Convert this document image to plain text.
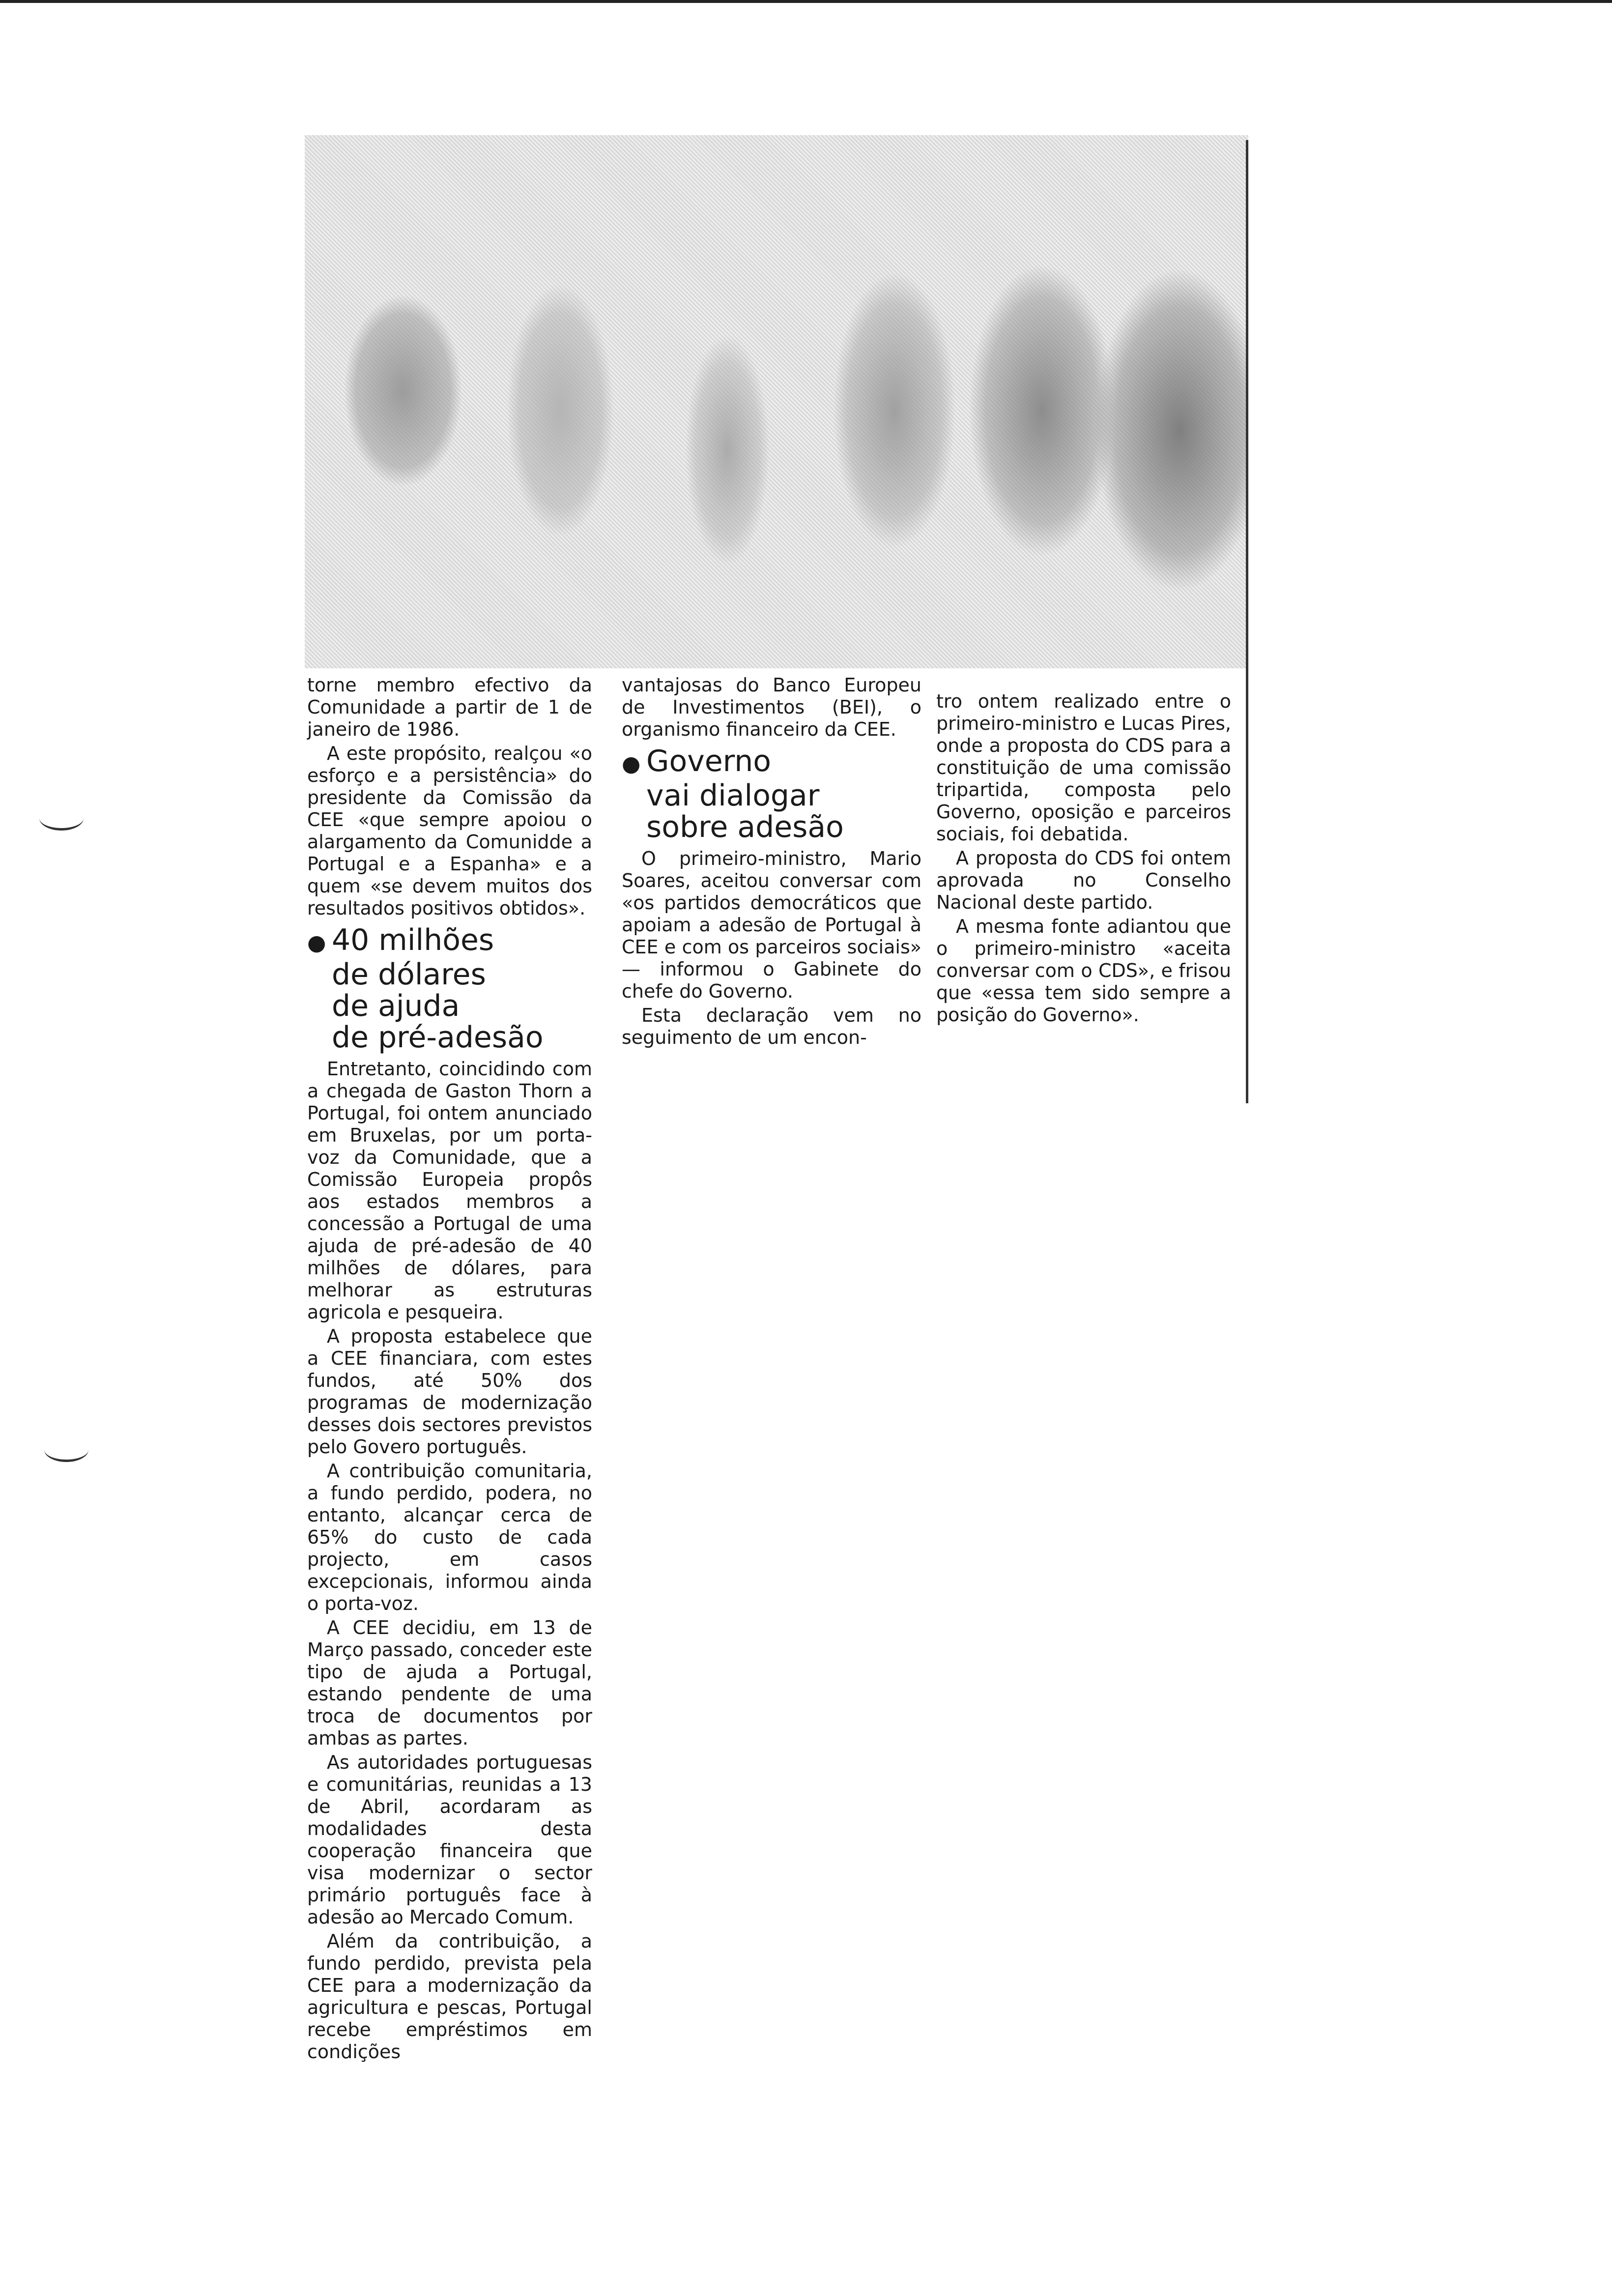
torne membro efectivo da Comunidade a partir de 1 de janeiro de 1986.

A este propósito, realçou «o esforço e a persistência» do presidente da Comissão da CEE «que sempre apoiou o alargamento da Comunidde a Portugal e a Espanha» e a quem «se devem muitos dos resultados positivos obtidos».

● 40 milhões
de dólares
de ajuda
de pré-adesão

Entretanto, coincidindo com a chegada de Gaston Thorn a Portugal, foi ontem anunciado em Bruxelas, por um porta-voz da Comunidade, que a Comissão Europeia propôs aos estados membros a concessão a Portugal de uma ajuda de pré-adesão de 40 milhões de dólares, para melhorar as estruturas agricola e pesqueira.

A proposta estabelece que a CEE financiara, com estes fundos, até 50% dos programas de modernização desses dois sectores previstos pelo Govero português.

A contribuição comunitaria, a fundo perdido, podera, no entanto, alcançar cerca de 65% do custo de cada projecto, em casos excepcionais, informou ainda o porta-voz.

A CEE decidiu, em 13 de Março passado, conceder este tipo de ajuda a Portugal, estando pendente de uma troca de documentos por ambas as partes.

As autoridades portuguesas e comunitárias, reunidas a 13 de Abril, acordaram as modalidades desta cooperação financeira que visa modernizar o sector primário português face à adesão ao Mercado Comum.

Além da contribuição, a fundo perdido, prevista pela CEE para a modernização da agricultura e pescas, Portugal recebe empréstimos em condições

vantajosas do Banco Europeu de Investimentos (BEI), o organismo financeiro da CEE.

● Governo
vai dialogar
sobre adesão

O primeiro-ministro, Mario Soares, aceitou conversar com «os partidos democráticos que apoiam a adesão de Portugal à CEE e com os parceiros sociais» — informou o Gabinete do chefe do Governo.

Esta declaração vem no seguimento de um encon-

tro ontem realizado entre o primeiro-ministro e Lucas Pires, onde a proposta do CDS para a constituição de uma comissão tripartida, composta pelo Governo, oposição e parceiros sociais, foi debatida.

A proposta do CDS foi ontem aprovada no Conselho Nacional deste partido.

A mesma fonte adiantou que o primeiro-ministro «aceita conversar com o CDS», e frisou que «essa tem sido sempre a posição do Governo».
